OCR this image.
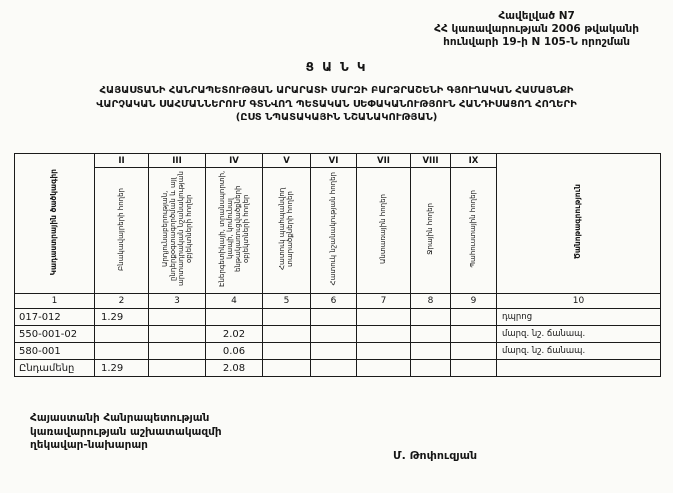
Հավելված N7
ՀՀ կառավարության 2006 թվականի
հունվարի 19-ի N 105-Ն որոշման
Ց Ա Ն Կ
ՀԱՅԱՍՏԱՆԻ ՀԱՆՐԱՊԵՏՈՒԹՅԱՆ ԱՐԱՐԱՏԻ ՄԱՐԶԻ ԲԱՐՁՐԱՇԵՆԻ ԳՅՈՒՂԱԿԱՆ ՀԱՄԱՅՆՔԻ
ՎԱՐՉԱԿԱՆ ՍԱՀՄԱՆՆԵՐՈՒՄ ԳՏՆՎՈՂ ՊԵՏԱԿԱՆ ՍԵՓԱԿԱՆՈՒԹՅՈՒՆ ՀԱՆԴԻՍԱՑՈՂ ՀՈՂԵՐԻ
(ԸՍՏ ՆՊԱՏԱԿԱՅԻՆ ՆՇԱՆԱԿՈՒԹՅԱՆ)
Կադաստրային ծածկագիր	II	III	IV	V	VI	VII	VIII	IX	Ծանոթագրություն
	Բնակավայրերի հողեր	Արդյունաբերության, ընդերքօգտագործման և այլ արտադրական նշանակության օբյեկտների հողեր	Էներգետիկայի, տրանսպորտի, կապի, կոմունալ ենթակառուցվածքների օբյեկտների հողեր	Հատուկ պահպանվող տարածքների հողեր	Հատուկ նշանակության հողեր	Անտառային հողեր	Ջրային հողեր	Պահուստային հողեր	
1	2	3	4	5	6	7	8	9	10
017-012	1.29								դպրոց
550-001-02			2.02						մարզ. նշ. ճանապ.
580-001			0.06						մարզ. նշ. ճանապ.
Ընդամենը	1.29		2.08						
Հայաստանի Հանրապետության
կառավարության աշխատակազմի
ղեկավար-նախարար
Մ. Թոփուզյան
